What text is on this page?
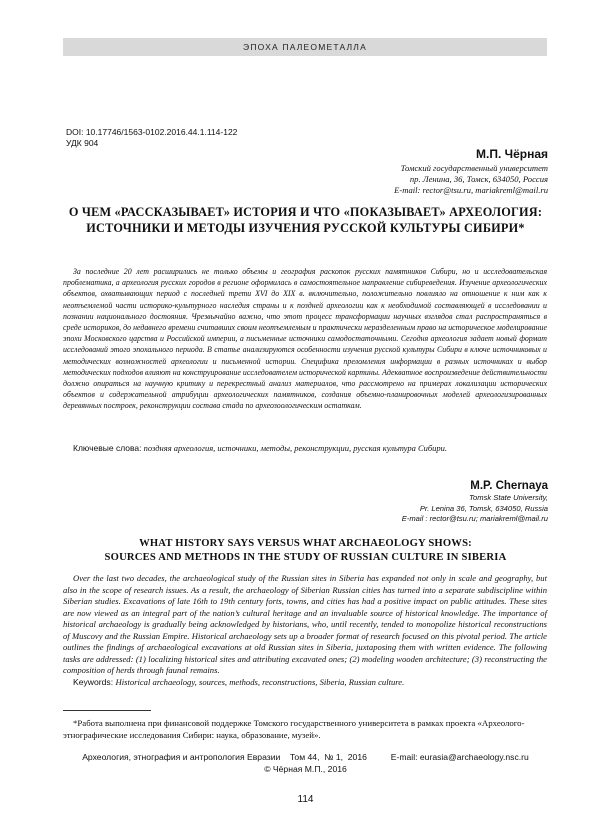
ЭПОХА ПАЛЕОМЕТАЛЛА
DOI: 10.17746/1563-0102.2016.44.1.114-122
УДК 904
М.П. Чёрная
Томский государственный университет
пр. Ленина, 36, Томск, 634050, Россия
E-mail: rector@tsu.ru, mariakreml@mail.ru
О ЧЕМ «РАССКАЗЫВАЕТ» ИСТОРИЯ И ЧТО «ПОКАЗЫВАЕТ» АРХЕОЛОГИЯ:
ИСТОЧНИКИ И МЕТОДЫ ИЗУЧЕНИЯ РУССКОЙ КУЛЬТУРЫ СИБИРИ*
За последние 20 лет расширились не только объемы и география раскопок русских памятников Сибири, но и исследовательская проблематика, а археология русских городов в регионе оформилась в самостоятельное направление сибиреведения. Изучение археологических объектов, охватывающих период с последней трети XVI до XIX в. включительно, положительно повлияло на отношение к ним как к неотъемлемой части историко-культурного наследия страны и к поздней археологии как к необходимой составляющей в исследовании и познании национального достояния. Чрезвычайно важно, что этот процесс трансформации научных взглядов стал распространяться в среде историков, до недавнего времени считавших своим неотъемлемым и практически неразделенным право на историческое моделирование эпохи Московского царства и Российской империи, а письменные источники самодостаточными. Сегодня археология задает новый формат исследований этого эпохального периода. В статье анализируются особенности изучения русской культуры Сибири в ключе источниковых и методических возможностей археологии и письменной истории. Специфика преломления информации в разных источниках и выбор методических подходов влияют на конструирование исследователем исторической картины. Адекватное воспроизведение действительности должно опираться на научную критику и перекрестный анализ материалов, что рассмотрено на примерах локализации исторических объектов и содержательной атрибуции археологических памятников, создания объемно-планировочных моделей археологизированных деревянных построек, реконструкции состава стада по археозоологическим остаткам.
Ключевые слова: поздняя археология, источники, методы, реконструкции, русская культура Сибири.
M.P. Chernaya
Tomsk State University,
Pr. Lenina 36, Tomsk, 634050, Russia
E-mail : rector@tsu.ru; mariakreml@mail.ru
WHAT HISTORY SAYS VERSUS WHAT ARCHAEOLOGY SHOWS:
SOURCES AND METHODS IN THE STUDY OF RUSSIAN CULTURE IN SIBERIA
Over the last two decades, the archaeological study of the Russian sites in Siberia has expanded not only in scale and geography, but also in the scope of research issues. As a result, the archaeology of Siberian Russian cities has turned into a separate subdiscipline within Siberian studies. Excavations of late 16th to 19th century forts, towns, and cities has had a positive impact on public attitudes. These sites are now viewed as an integral part of the nation’s cultural heritage and an invaluable source of historical knowledge. The importance of historical archaeology is gradually being acknowledged by historians, who, until recently, tended to monopolize historical reconstructions of Muscovy and the Russian Empire. Historical archaeology sets up a broader format of research focused on this pivotal period. The article outlines the findings of archaeological excavations at old Russian sites in Siberia, juxtaposing them with written evidence. The following tasks are addressed: (1) localizing historical sites and attributing excavated ones; (2) modeling wooden architecture; (3) reconstructing the composition of herds through faunal remains.
Keywords: Historical archaeology, sources, methods, reconstructions, Siberia, Russian culture.
*Работа выполнена при финансовой поддержке Томского государственного университета в рамках проекта «Археолого-этнографические исследования Сибири: наука, образование, музей».
Археология, этнография и антропология Евразии    Том 44,  № 1,  2016          E-mail: eurasia@archaeology.nsc.ru
© Чёрная М.П., 2016
114
